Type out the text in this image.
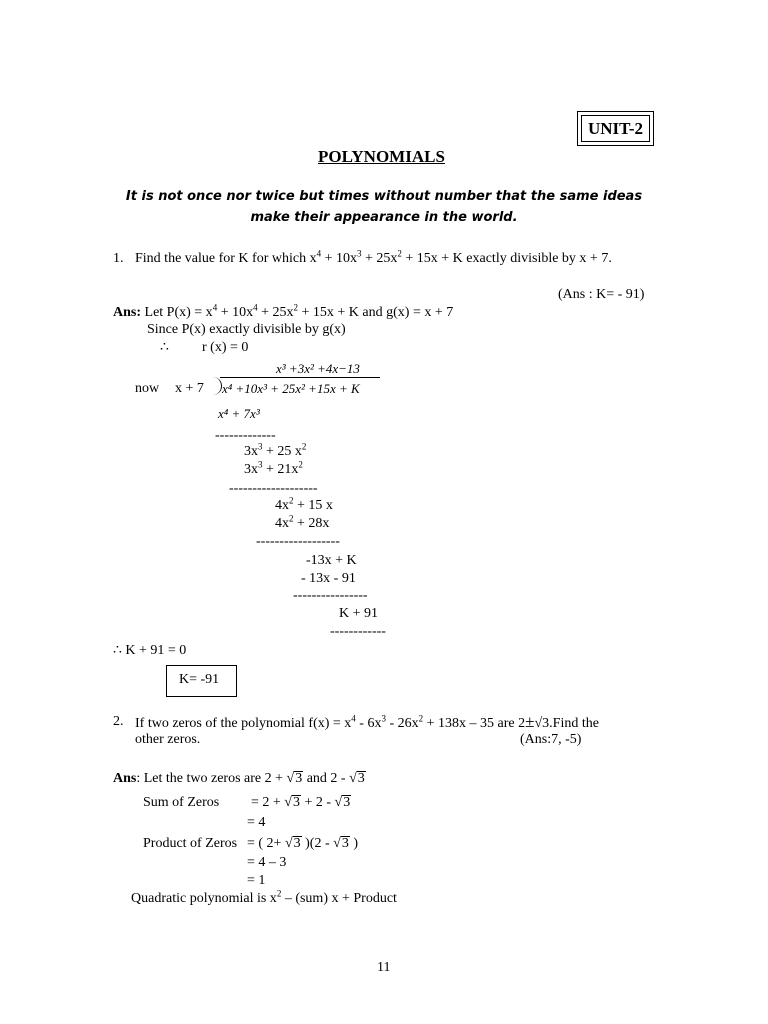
UNIT-2
POLYNOMIALS
It is not once nor twice but times without number that the same ideas
make their appearance in the world.
1. Find the value for K for which $x^4 + 10x^3 + 25x^2 + 15x + K$ exactly divisible by x + 7.
(Ans : K= - 91)
Ans: Let $P(x) = x^4 + 10x^4 + 25x^2 + 15x + K$ and g(x) = x + 7
Since P(x) exactly divisible by g(x)
∴ r (x) = 0
x³ +3x² +4x−13
now x + 7 x⁴ +10x³ + 25x² +15x + K
x⁴ + 7x³
-------------
$3x^3 + 25$ $x^2$
$3x^3 + 21x^2$
-------------------
$4x^2 + 15$ x
$4x^2 + 28x$
------------------
-13x + K
- 13x - 91
----------------
K + 91
------------
∴ K + 91 = 0
K= -91
2. If two zeros of the polynomial $f(x) = x^4 - 6x^3 - 26x^2 + 138x - 35$ are 2±√3.Find the
other zeros.	(Ans:7, -5)
Ans: Let the two zeros are 2 + √3 and 2 - √3
Sum of Zeros = 2 + √3 + 2 - √3
= 4
Product of Zeros = ( 2+ √3 )(2 - √3 )
= 4 – 3
= 1
Quadratic polynomial is $x^2 - (sum) x$ + Product
11
